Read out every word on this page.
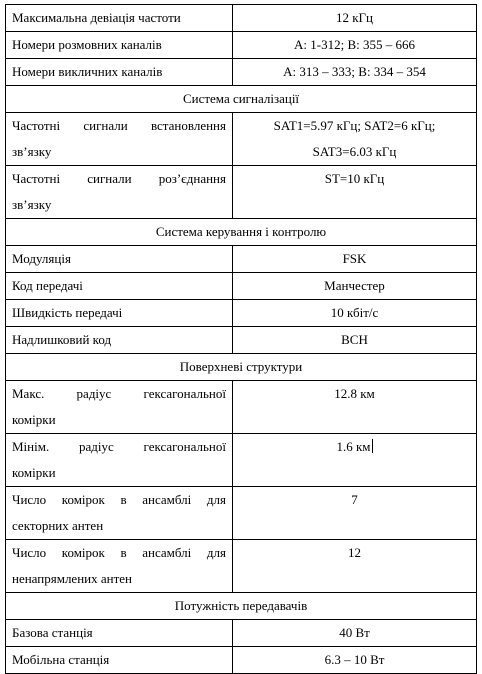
Максимальна девіація частоти	12 кГц
Номери розмовних каналів	А: 1-312; В: 355 – 666
Номери викличних каналів	А: 313 – 333; В: 334 – 354
Система сигналізації	

Частотні сигнали встановлення
зв’язку	SAT1=5.97 кГц; SAT2=6 кГц;
SAT3=6.03 кГц

Частотні сигнали роз’єднання
зв’язку	ST=10 кГц

Система керування і контролю	
Модуляція	FSK
Код передачі	Манчестер
Швидкість передачі	10 кбіт/с
Надлишковий код	BCH
Поверхневі структури	

Макс. радіус гексагональної
комірки	12.8 км

Мінім. радіус гексагональної
комірки	1.6 км

Число комірок в ансамблі для
секторних антен	7

Число комірок в ансамблі для
ненапрямлених антен	12

Потужність передавачів	
Базова станція	40 Вт
Мобільна станція	6.3 – 10 Вт
